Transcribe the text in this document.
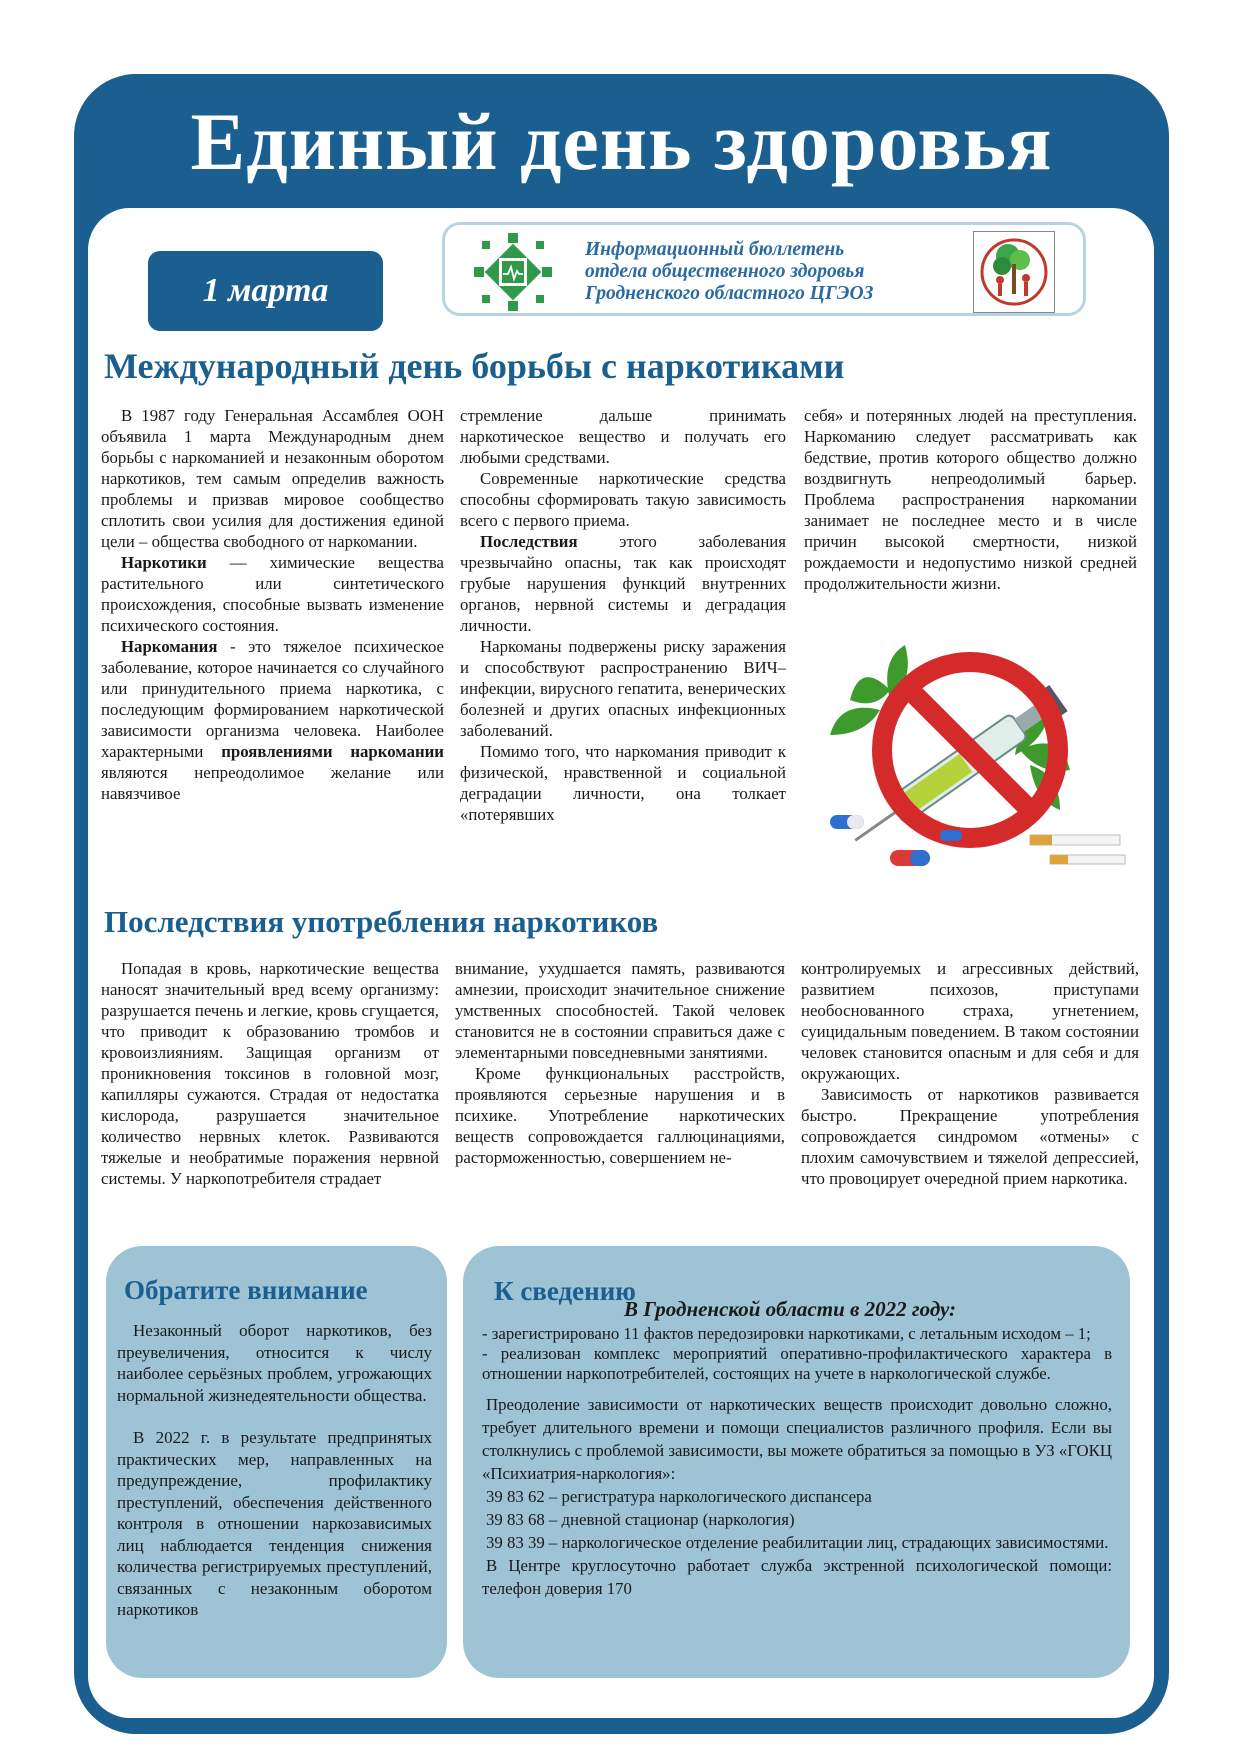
Единый день здоровья
1 марта
Информационный бюллетень
отдела общественного здоровья
Гродненского областного ЦГЭОЗ
Международный день борьбы с наркотиками

В 1987 году Генеральная Ассамблея ООН объявила 1 марта Международным днем борьбы с наркоманией и незаконным оборотом наркотиков, тем самым определив важность проблемы и призвав мировое сообщество сплотить свои усилия для достижения единой цели – общества свободного от наркомании.

Наркотики — химические вещества растительного или синтетического происхождения, способные вызвать изменение психического состояния.

Наркомания - это тяжелое психическое заболевание, которое начинается со случайного или принудительного приема наркотика, с последующим формированием наркотической зависимости организма человека. Наиболее характерными проявлениями наркомании являются непреодолимое желание или навязчивое

стремление дальше принимать наркотическое вещество и получать его любыми средствами.

Современные наркотические средства способны сформировать такую зависимость всего с первого приема.

Последствия этого заболевания чрезвычайно опасны, так как происходят грубые нарушения функций внутренних органов, нервной системы и деградация личности.

Наркоманы подвержены риску заражения и способствуют распространению ВИЧ–инфекции, вирусного гепатита, венерических болезней и других опасных инфекционных заболеваний.

Помимо того, что наркомания приводит к физической, нравственной и социальной деградации личности, она толкает «потерявших

себя» и потерянных людей на преступления. Наркоманию следует рассматривать как бедствие, против которого общество должно воздвигнуть непреодолимый барьер. Проблема распространения наркомании занимает не последнее место и в числе причин высокой смертности, низкой рождаемости и недопустимо низкой средней продолжительности жизни.

Последствия употребления наркотиков

Попадая в кровь, наркотические вещества наносят значительный вред всему организму: разрушается печень и легкие, кровь сгущается, что приводит к образованию тромбов и кровоизлияниям. Защищая организм от проникновения токсинов в головной мозг, капилляры сужаются. Страдая от недостатка кислорода, разрушается значительное количество нервных клеток. Развиваются тяжелые и необратимые поражения нервной системы. У наркопотребителя страдает

внимание, ухудшается память, развиваются амнезии, происходит значительное снижение умственных способностей. Такой человек становится не в состоянии справиться даже с элементарными повседневными занятиями.

Кроме функциональных расстройств, проявляются серьезные нарушения и в психике. Употребление наркотических веществ сопровождается галлюцинациями, расторможенностью, совершением не-

контролируемых и агрессивных действий, развитием психозов, приступами необоснованного страха, угнетением, суицидальным поведением. В таком состоянии человек становится опасным и для себя и для окружающих.

Зависимость от наркотиков развивается быстро. Прекращение употребления сопровождается синдромом «отмены» с плохим самочувствием и тяжелой депрессией, что провоцирует очередной прием наркотика.

Обратите внимание

Незаконный оборот наркотиков, без преувеличения, относится к числу наиболее серьёзных проблем, угрожающих нормальной жизнедеятельности общества.

В 2022 г. в результате предпринятых практических мер, направленных на предупреждение, профилактику преступлений, обеспечения действенного контроля в отношении наркозависимых лиц наблюдается тенденция снижения количества регистрируемых преступлений, связанных с незаконным оборотом наркотиков

К сведению
В Гродненской области в 2022 году:

- зарегистрировано 11 фактов передозировки наркотиками, с летальным исходом – 1;

- реализован комплекс мероприятий оперативно-профилактического характера в отношении наркопотребителей, состоящих на учете в наркологической службе.

Преодоление зависимости от наркотических веществ происходит довольно сложно, требует длительного времени и помощи специалистов различного профиля. Если вы столкнулись с проблемой зависимости, вы можете обратиться за помощью в УЗ «ГОКЦ «Психиатрия-наркология»:

39 83 62 – регистратура наркологического диспансера

39 83 68 – дневной стационар (наркология)

39 83 39 – наркологическое отделение реабилитации лиц, страдающих зависимостями.

В Центре круглосуточно работает служба экстренной психологической помощи: телефон доверия 170
